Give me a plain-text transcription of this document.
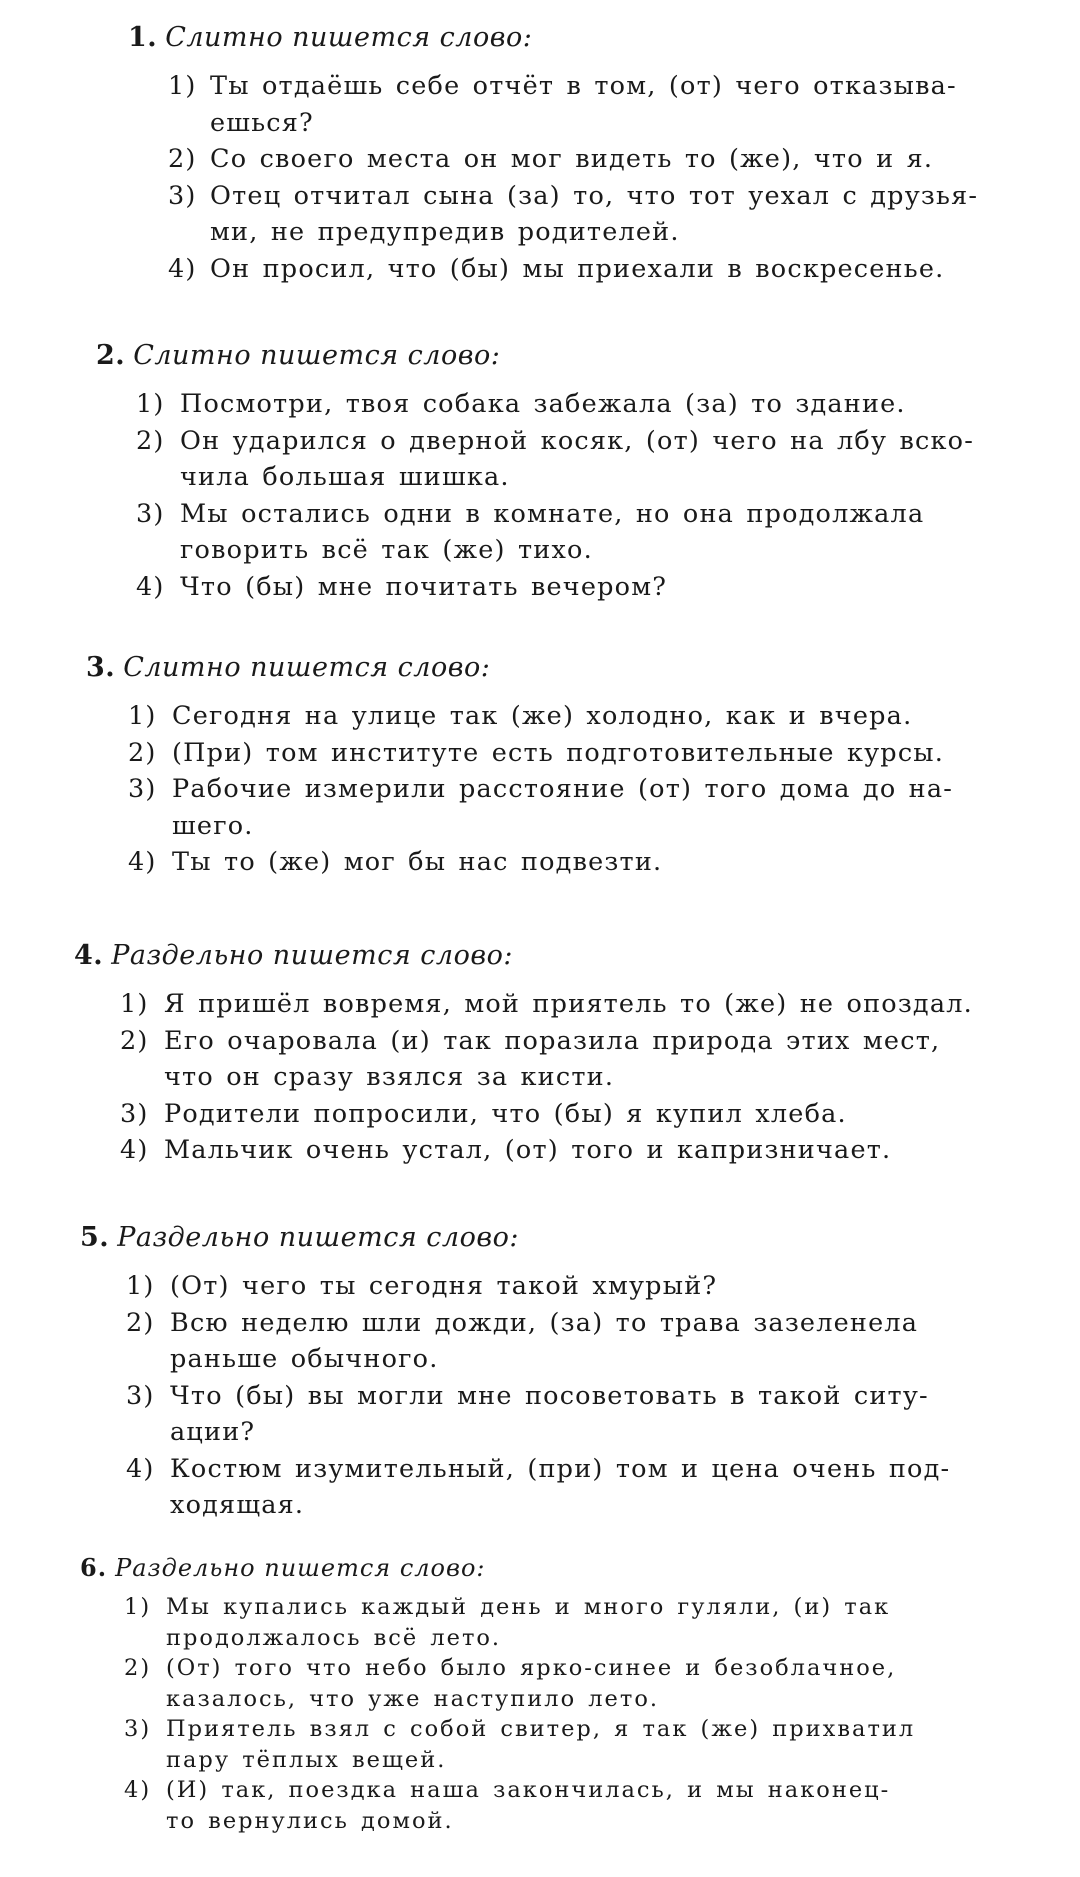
1. Слитно пишется слово:
1) Ты отдаёшь себе отчёт в том, (от) чего отказыва-
ешься?
2) Со своего места он мог видеть то (же), что и я.
3) Отец отчитал сына (за) то, что тот уехал с друзья-
ми, не предупредив родителей.
4) Он просил, что (бы) мы приехали в воскресенье.
2. Слитно пишется слово:
1) Посмотри, твоя собака забежала (за) то здание.
2) Он ударился о дверной косяк, (от) чего на лбу вско-
чила большая шишка.
3) Мы остались одни в комнате, но она продолжала
говорить всё так (же) тихо.
4) Что (бы) мне почитать вечером?
3. Слитно пишется слово:
1) Сегодня на улице так (же) холодно, как и вчера.
2) (При) том институте есть подготовительные курсы.
3) Рабочие измерили расстояние (от) того дома до на-
шего.
4) Ты то (же) мог бы нас подвезти.
4. Раздельно пишется слово:
1) Я пришёл вовремя, мой приятель то (же) не опоздал.
2) Его очаровала (и) так поразила природа этих мест,
что он сразу взялся за кисти.
3) Родители попросили, что (бы) я купил хлеба.
4) Мальчик очень устал, (от) того и капризничает.
5. Раздельно пишется слово:
1) (От) чего ты сегодня такой хмурый?
2) Всю неделю шли дожди, (за) то трава зазеленела
раньше обычного.
3) Что (бы) вы могли мне посоветовать в такой ситу-
ации?
4) Костюм изумительный, (при) том и цена очень под-
ходящая.
6. Раздельно пишется слово:
1) Мы купались каждый день и много гуляли, (и) так
продолжалось всё лето.
2) (От) того что небо было ярко-синее и безоблачное,
казалось, что уже наступило лето.
3) Приятель взял с собой свитер, я так (же) прихватил
пару тёплых вещей.
4) (И) так, поездка наша закончилась, и мы наконец-
то вернулись домой.
